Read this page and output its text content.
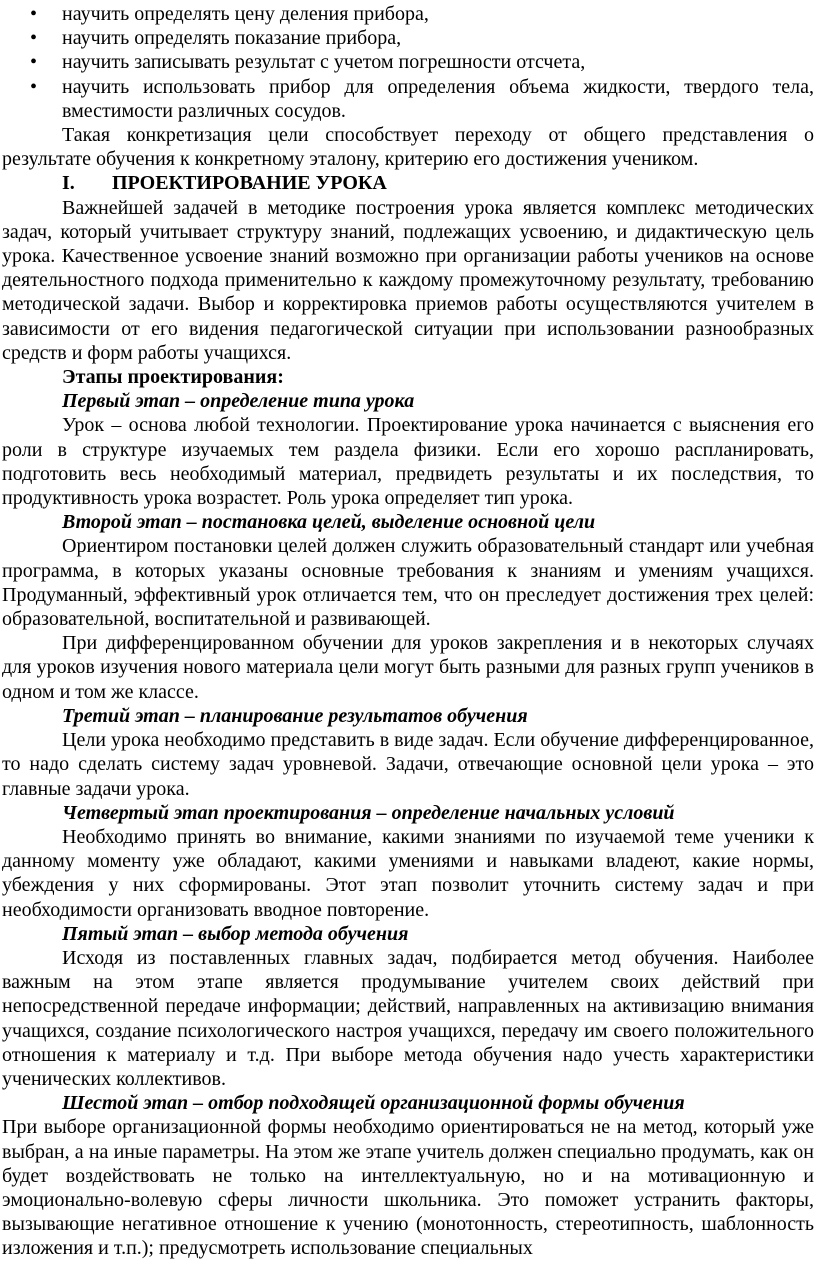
• научить определять цену деления прибора,
• научить определять показание прибора,
• научить записывать результат с учетом погрешности отсчета,
• научить использовать прибор для определения объема жидкости, твердого тела, вместимости различных сосудов.

Такая конкретизация цели способствует переходу от общего представления о результате обучения к конкретному эталону, критерию его достижения учеником.

I. ПРОЕКТИРОВАНИЕ УРОКА

Важнейшей задачей в методике построения урока является комплекс методических задач, который учитывает структуру знаний, подлежащих усвоению, и дидактическую цель урока. Качественное усвоение знаний возможно при организации работы учеников на основе деятельностного подхода применительно к каждому промежуточному результату, требованию методической задачи. Выбор и корректировка приемов работы осуществляются учителем в зависимости от его видения педагогической ситуации при использовании разнообразных средств и форм работы учащихся.

Этапы проектирования:
Первый этап – определение типа урока

Урок – основа любой технологии. Проектирование урока начинается с выяснения его роли в структуре изучаемых тем раздела физики. Если его хорошо распланировать, подготовить весь необходимый материал, предвидеть результаты и их последствия, то продуктивность урока возрастет. Роль урока определяет тип урока.

Второй этап – постановка целей, выделение основной цели

Ориентиром постановки целей должен служить образовательный стандарт или учебная программа, в которых указаны основные требования к знаниям и умениям учащихся. Продуманный, эффективный урок отличается тем, что он преследует достижения трех целей: образовательной, воспитательной и развивающей.

При дифференцированном обучении для уроков закрепления и в некоторых случаях для уроков изучения нового материала цели могут быть разными для разных групп учеников в одном и том же классе.

Третий этап – планирование результатов обучения

Цели урока необходимо представить в виде задач. Если обучение дифференцированное, то надо сделать систему задач уровневой. Задачи, отвечающие основной цели урока – это главные задачи урока.

Четвертый этап проектирования – определение начальных условий

Необходимо принять во внимание, какими знаниями по изучаемой теме ученики к данному моменту уже обладают, какими умениями и навыками владеют, какие нормы, убеждения у них сформированы. Этот этап позволит уточнить систему задач и при необходимости организовать вводное повторение.

Пятый этап – выбор метода обучения

Исходя из поставленных главных задач, подбирается метод обучения. Наиболее важным на этом этапе является продумывание учителем своих действий при непосредственной передаче информации; действий, направленных на активизацию внимания учащихся, создание психологического настроя учащихся, передачу им своего положительного отношения к материалу и т.д. При выборе метода обучения надо учесть характеристики ученических коллективов.

Шестой этап – отбор подходящей организационной формы обучения

При выборе организационной формы необходимо ориентироваться не на метод, который уже выбран, а на иные параметры. На этом же этапе учитель должен специально продумать, как он будет воздействовать не только на интеллектуальную, но и на мотивационную и эмоционально-волевую сферы личности школьника. Это поможет устранить факторы, вызывающие негативное отношение к учению (монотонность, стереотипность, шаблонность изложения и т.п.); предусмотреть использование специальных
